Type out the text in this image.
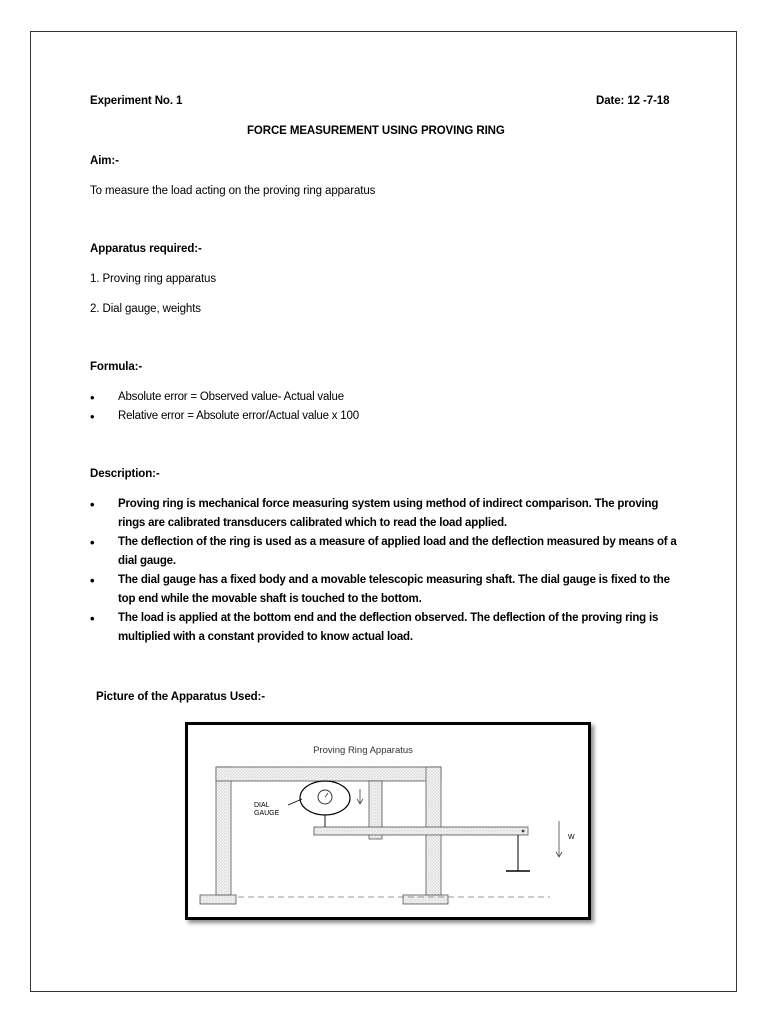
Experiment No. 1	Date: 12 -7-18
FORCE MEASUREMENT USING PROVING RING
Aim:-
To measure the load acting on the proving ring apparatus
Apparatus required:-
1. Proving ring apparatus
2. Dial gauge, weights
Formula:-
• Absolute error = Observed value- Actual value
• Relative error = Absolute error/Actual value x 100
Description:-
• Proving ring is mechanical force measuring system using method of indirect comparison. The proving rings are calibrated transducers calibrated which to read the load applied.
• The deflection of the ring is used as a measure of applied load and the deflection measured by means of a dial gauge.
• The dial gauge has a fixed body and a movable telescopic measuring shaft. The dial gauge is fixed to the top end while the movable shaft is touched to the bottom.
• The load is applied at the bottom end and the deflection observed. The deflection of the proving ring is multiplied with a constant provided to know actual load.
Picture of the Apparatus Used:-
Proving Ring Apparatus
DIAL
GAUGE
W
